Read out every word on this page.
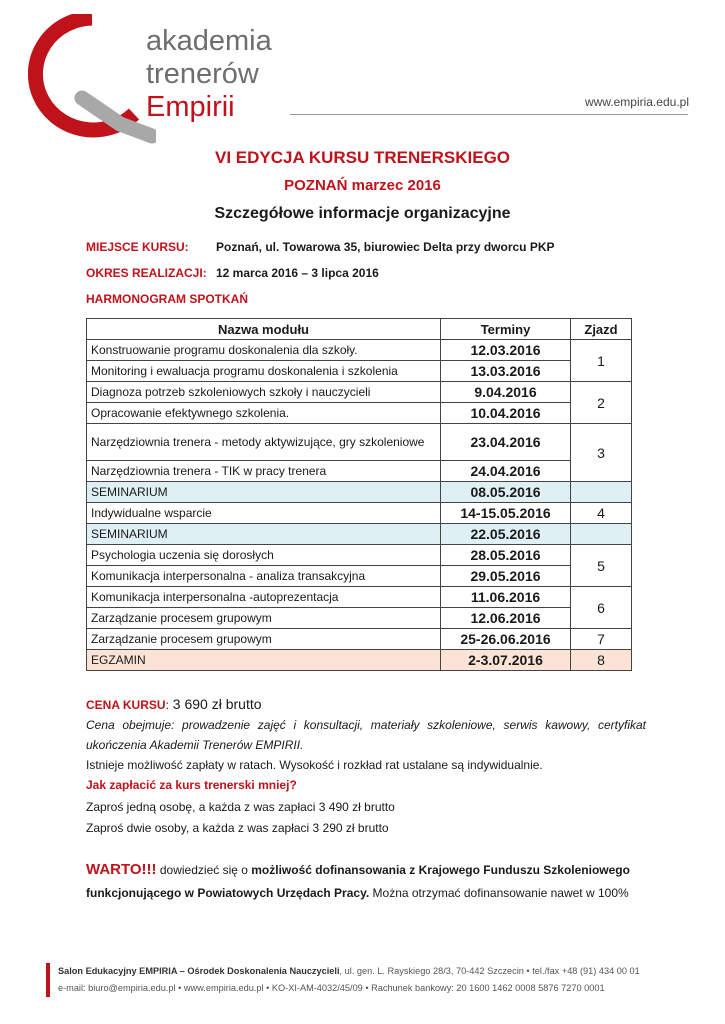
akademia
trenerów
Empirii	www.empiria.edu.pl
VI EDYCJA KURSU TRENERSKIEGO
POZNAŃ marzec 2016
Szczegółowe informacje organizacyjne
MIEJSCE KURSU: Poznań, ul. Towarowa 35, biurowiec Delta przy dworcu PKP
OKRES REALIZACJI: 12 marca 2016 – 3 lipca 2016
HARMONOGRAM SPOTKAŃ
Nazwa modułu	Terminy	Zjazd
Konstruowanie programu doskonalenia dla szkoły.	12.03.2016	1
Monitoring i ewaluacja programu doskonalenia i szkolenia	13.03.2016	
Diagnoza potrzeb szkoleniowych szkoły i nauczycieli	9.04.2016	2
Opracowanie efektywnego szkolenia.	10.04.2016	
Narzędziownia trenera - metody aktywizujące, gry szkoleniowe	23.04.2016	3
Narzędziownia trenera - TIK w pracy trenera	24.04.2016	
SEMINARIUM	08.05.2016	
Indywidualne wsparcie	14-15.05.2016	4
SEMINARIUM	22.05.2016	
Psychologia uczenia się dorosłych	28.05.2016	5
Komunikacja interpersonalna - analiza transakcyjna	29.05.2016	
Komunikacja interpersonalna -autoprezentacja	11.06.2016	6
Zarządzanie procesem grupowym	12.06.2016	
Zarządzanie procesem grupowym	25-26.06.2016	7
EGZAMIN	2-3.07.2016	8
CENA KURSU: 3 690 zł brutto
Cena obejmuje: prowadzenie zajęć i konsultacji, materiały szkoleniowe, serwis kawowy, certyfikat ukończenia Akademii Trenerów EMPIRII.
Istnieje możliwość zapłaty w ratach. Wysokość i rozkład rat ustalane są indywidualnie.
Jak zapłacić za kurs trenerski mniej?
Zaproś jedną osobę, a każda z was zapłaci 3 490 zł brutto
Zaproś dwie osoby, a każda z was zapłaci 3 290 zł brutto
WARTO!!! dowiedzieć się o możliwość dofinansowania z Krajowego Funduszu Szkoleniowego funkcjonującego w Powiatowych Urzędach Pracy. Można otrzymać dofinansowanie nawet w 100%
Salon Edukacyjny EMPIRIA – Ośrodek Doskonalenia Nauczycieli, ul. gen. L. Rayskiego 28/3, 70-442 Szczecin • tel./fax +48 (91) 434 00 01
e-mail: biuro@empiria.edu.pl • www.empiria.edu.pl • KO-XI-AM-4032/45/09 • Rachunek bankowy: 20 1600 1462 0008 5876 7270 0001
